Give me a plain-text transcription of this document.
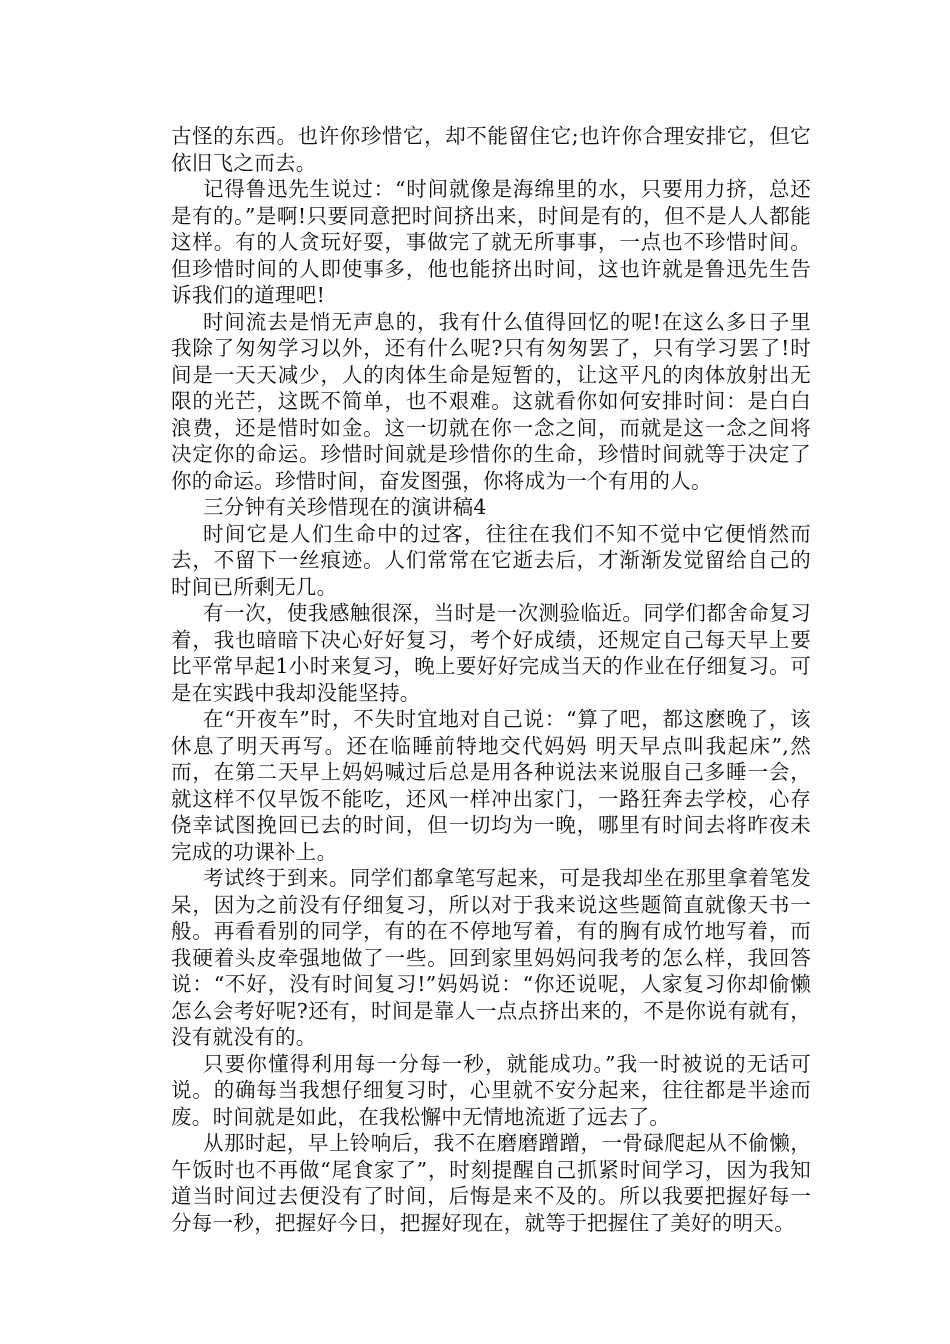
古怪的东西。也许你珍惜它，却不能留住它;也许你合理安排它，但它依旧飞之而去。

记得鲁迅先生说过：“时间就像是海绵里的水，只要用力挤，总还是有的。”是啊!只要同意把时间挤出来，时间是有的，但不是人人都能这样。有的人贪玩好耍，事做完了就无所事事，一点也不珍惜时间。但珍惜时间的人即使事多，他也能挤出时间，这也许就是鲁迅先生告诉我们的道理吧!

时间流去是悄无声息的，我有什么值得回忆的呢!在这么多日子里我除了匆匆学习以外，还有什么呢?只有匆匆罢了，只有学习罢了!时间是一天天减少，人的肉体生命是短暂的，让这平凡的肉体放射出无限的光芒，这既不简单，也不艰难。这就看你如何安排时间：是白白浪费，还是惜时如金。这一切就在你一念之间，而就是这一念之间将决定你的命运。珍惜时间就是珍惜你的生命，珍惜时间就等于决定了你的命运。珍惜时间，奋发图强，你将成为一个有用的人。

三分钟有关珍惜现在的演讲稿4

时间它是人们生命中的过客，往往在我们不知不觉中它便悄然而去，不留下一丝痕迹。人们常常在它逝去后，才渐渐发觉留给自己的时间已所剩无几。

有一次，使我感触很深，当时是一次测验临近。同学们都舍命复习着，我也暗暗下决心好好复习，考个好成绩，还规定自己每天早上要比平常早起1小时来复习，晚上要好好完成当天的作业在仔细复习。可是在实践中我却没能坚持。

在“开夜车”时，不失时宜地对自己说：“算了吧，都这麽晚了，该休息了明天再写。还在临睡前特地交代妈妈 明天早点叫我起床”,然而，在第二天早上妈妈喊过后总是用各种说法来说服自己多睡一会，就这样不仅早饭不能吃，还风一样冲出家门，一路狂奔去学校，心存侥幸试图挽回已去的时间，但一切均为一晚，哪里有时间去将昨夜未完成的功课补上。

考试终于到来。同学们都拿笔写起来，可是我却坐在那里拿着笔发呆，因为之前没有仔细复习，所以对于我来说这些题简直就像天书一般。再看看别的同学，有的在不停地写着，有的胸有成竹地写着，而我硬着头皮牵强地做了一些。回到家里妈妈问我考的怎么样，我回答说：“不好，没有时间复习!”妈妈说：“你还说呢，人家复习你却偷懒怎么会考好呢?还有，时间是靠人一点点挤出来的，不是你说有就有，没有就没有的。

只要你懂得利用每一分每一秒，就能成功。”我一时被说的无话可说。的确每当我想仔细复习时，心里就不安分起来，往往都是半途而废。时间就是如此，在我松懈中无情地流逝了远去了。

从那时起，早上铃响后，我不在磨磨蹭蹭，一骨碌爬起从不偷懒，午饭时也不再做“尾食家了”，时刻提醒自己抓紧时间学习，因为我知道当时间过去便没有了时间，后悔是来不及的。所以我要把握好每一分每一秒，把握好今日，把握好现在，就等于把握住了美好的明天。
